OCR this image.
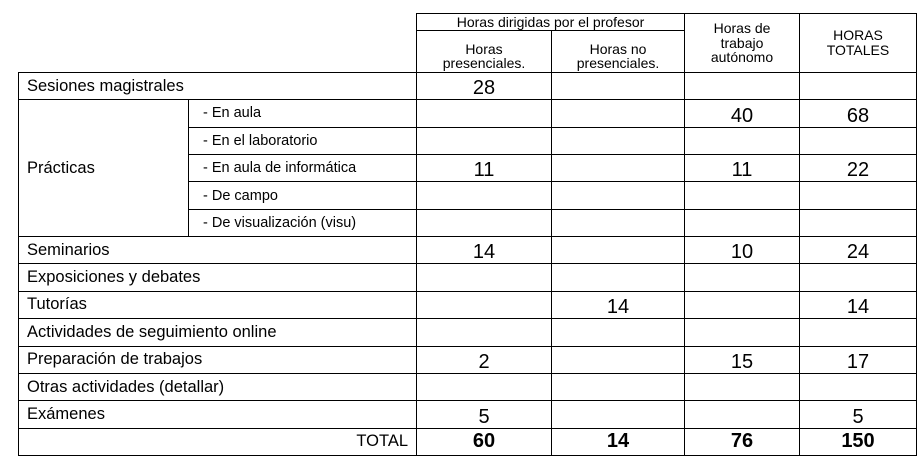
		Horas dirigidas por el profesor		Horas de trabajo autónomo	HORAS TOTALES
		Horas presenciales.	Horas no presenciales.		
Sesiones magistrales		28			
Prácticas	- En aula			40	68
	- En el laboratorio				
	- En aula de informática	11		11	22
	- De campo				
	- De visualización (visu)				
Seminarios		14		10	24
Exposiciones y debates					
Tutorías			14		14
Actividades de seguimiento online					
Preparación de trabajos		2		15	17
Otras actividades (detallar)					
Exámenes		5			5
TOTAL		60	14	76	150
